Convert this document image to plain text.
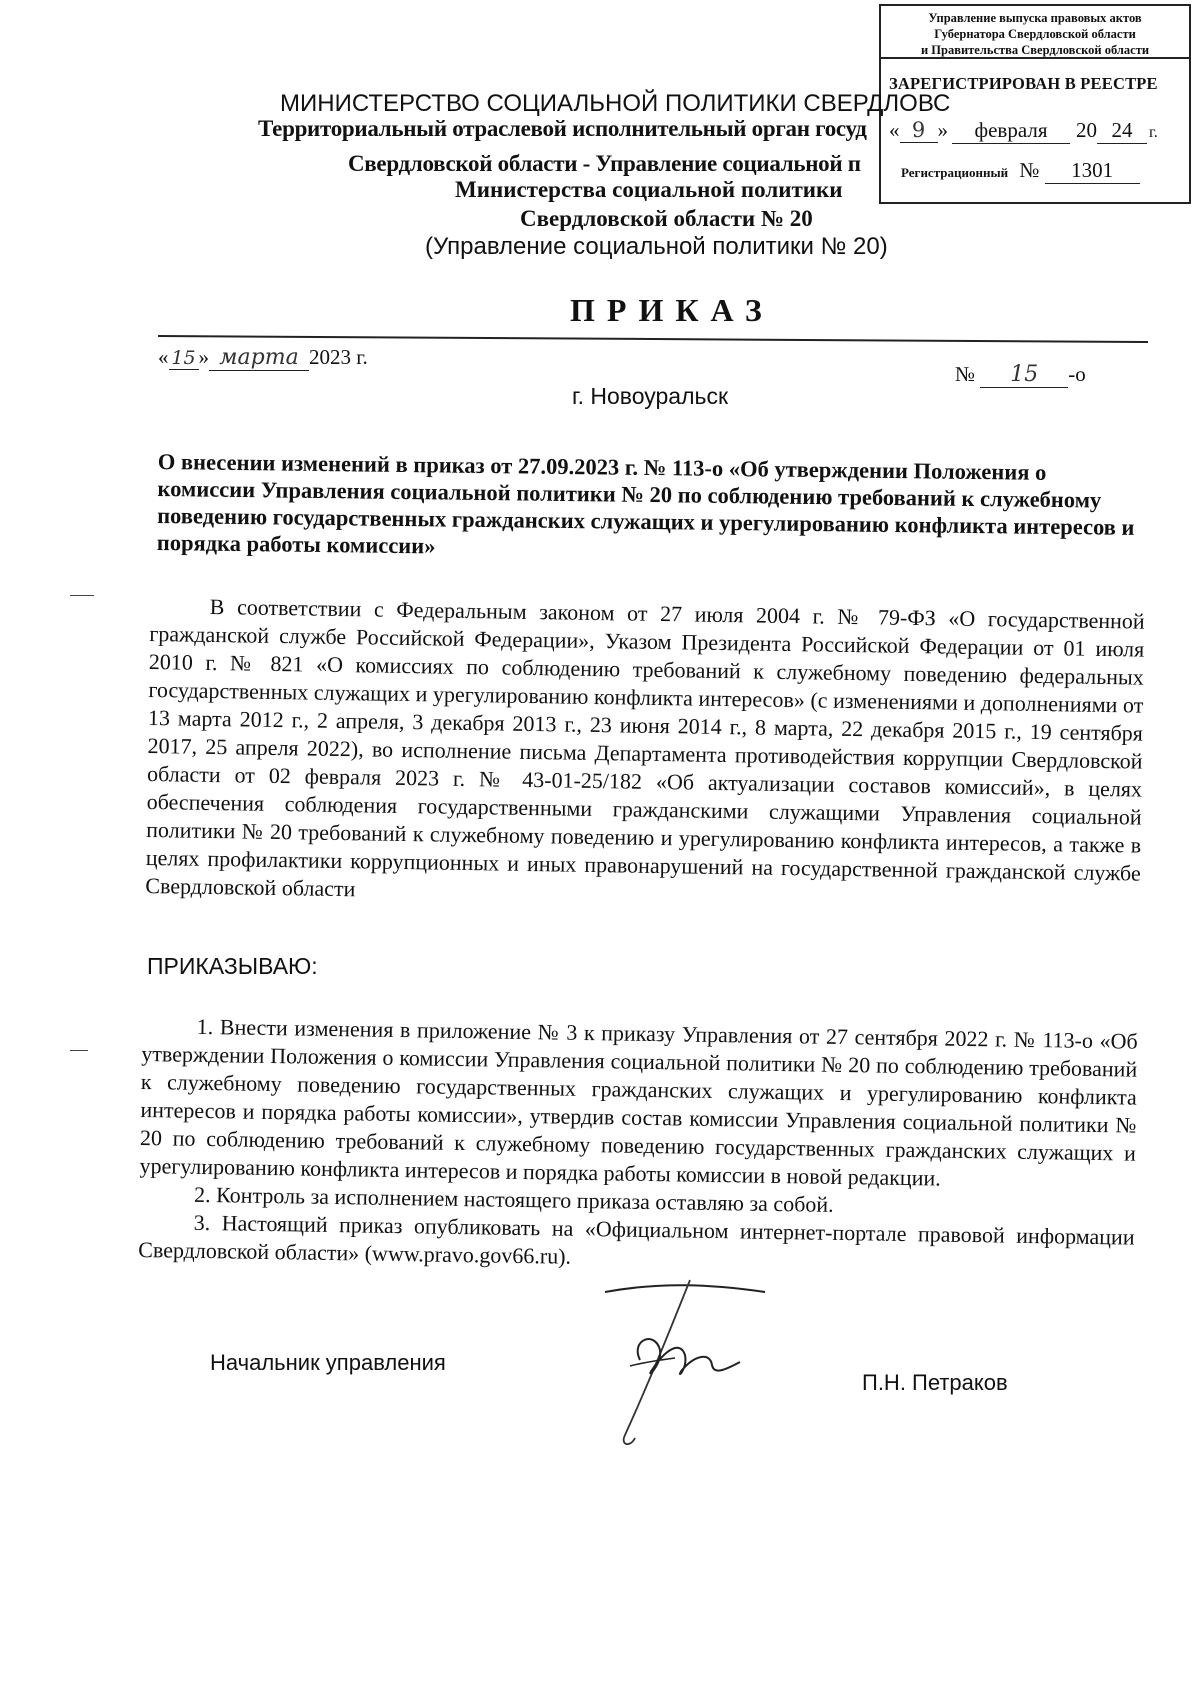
Управление выпуска правовых актов
Губернатора Свердловской области
и Правительства Свердловской области
ЗАРЕГИСТРИРОВАН В РЕЕСТРЕ
« 9 » февраля 20 24 г.
Регистрационный № 1301
МИНИСТЕРСТВО СОЦИАЛЬНОЙ ПОЛИТИКИ СВЕРДЛОВС
Территориальный отраслевой исполнительный орган госуд
Свердловской области - Управление социальной п
Министерства социальной политики
Свердловской области № 20
(Управление социальной политики № 20)
ПРИКАЗ
« 15 » марта 2023 г.
№ 15 -о
г. Новоуральск

О внесении изменений в приказ от 27.09.2023 г. № 113-о «Об утверждении Положения о комиссии Управления социальной политики № 20 по соблюдению требований к служебному поведению государственных гражданских служащих и урегулированию конфликта интересов и порядка работы комиссии»

В соответствии с Федеральным законом от 27 июля 2004 г. № 79-ФЗ «О государственной гражданской службе Российской Федерации», Указом Президента Российской Федерации от 01 июля 2010 г. № 821 «О комиссиях по соблюдению требований к служебному поведению федеральных государственных служащих и урегулированию конфликта интересов» (с изменениями и дополнениями от 13 марта 2012 г., 2 апреля, 3 декабря 2013 г., 23 июня 2014 г., 8 марта, 22 декабря 2015 г., 19 сентября 2017, 25 апреля 2022), во исполнение письма Департамента противодействия коррупции Свердловской области от 02 февраля 2023 г. № 43-01-25/182 «Об актуализации составов комиссий», в целях обеспечения соблюдения государственными гражданскими служащими Управления социальной политики № 20 требований к служебному поведению и урегулированию конфликта интересов, а также в целях профилактики коррупционных и иных правонарушений на государственной гражданской службе Свердловской области

ПРИКАЗЫВАЮ:

1. Внести изменения в приложение № 3 к приказу Управления от 27 сентября 2022 г. № 113-о «Об утверждении Положения о комиссии Управления социальной политики № 20 по соблюдению требований к служебному поведению государственных гражданских служащих и урегулированию конфликта интересов и порядка работы комиссии», утвердив состав комиссии Управления социальной политики № 20 по соблюдению требований к служебному поведению государственных гражданских служащих и урегулированию конфликта интересов и порядка работы комиссии в новой редакции.

2. Контроль за исполнением настоящего приказа оставляю за собой.

3. Настоящий приказ опубликовать на «Официальном интернет-портале правовой информации Свердловской области» (www.pravo.gov66.ru).

Начальник управления
П.Н. Петраков
